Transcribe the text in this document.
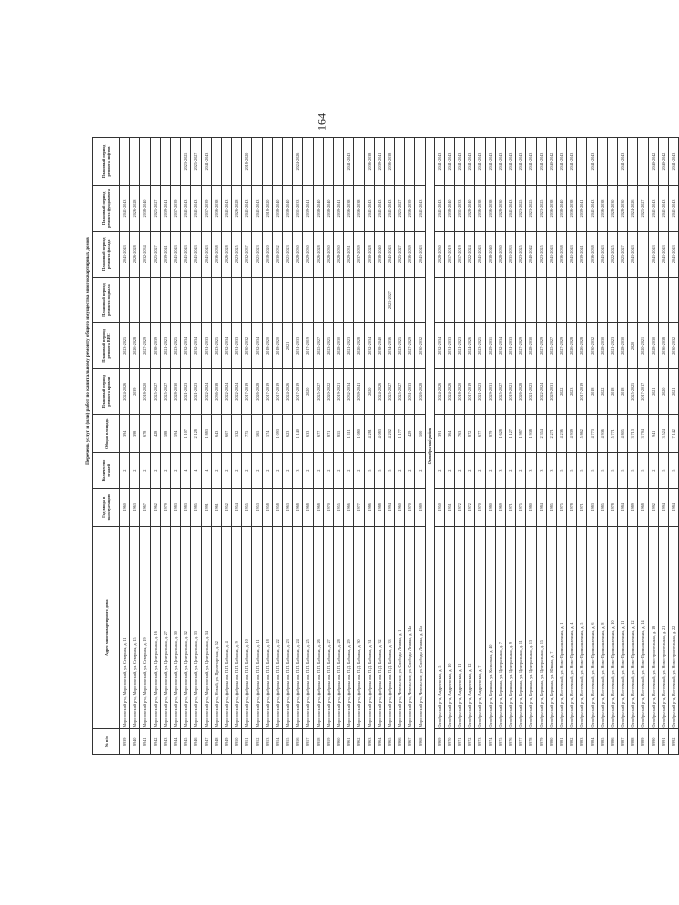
164
Перечень услуг и (или) работ по капитальному ремонту общего имущества многоквартирных домов
№ п/п	Адрес многоквартирного дома	Год ввода в эксплуатацию	Количество этажей	Общая площадь	Плановый период ремонта кровли	Плановый период ремонта ВИС	Плановый период ремонта подвала	Плановый период ремонта фасада	Плановый период ремонта фундамента	Плановый период ремонта лифтов
8939	Морозовский р-н, Морозовский, ул. Северная, д. 11	1960	2	394	2024-2026	2023-2025		2041-2043	2041-2043	
8940	Морозовский р-н, Морозовский, ул. Северная, д. 15	1963	2	398	2039	2026-2028		2026-2028	2026-2028	
8941	Морозовский р-н, Морозовский, ул. Северная, д. 19	1967	2	678	2018-2020	2027-2029		2032-2034	2038-2040	
8942	Морозовский р-н, Морозовский, ул. Центральная, д. 16	1962	2	428	2025-2027	2038-2039		2025-2027	2025-2027	
8943	Морозовский р-н, Морозовский, ул. Центральная, д. 27	1979	2	588	2025-2027	2021-2023		2039-2041	2039-2041	
8944	Морозовский р-н, Морозовский, ул. Центральная, д. 30	1983	2	594	2028-2030	2023-2025		2041-2043	2037-2039	
8945	Морозовский р-н, Морозовский, ул. Центральная, д. 32	1983	4	1 107	2021-2023	2032-2034		2041-2043	2041-2043	2023-2025
8946	Морозовский р-н, Морозовский, ул. Центральная, д. 33	1985	4	2 128	2021-2023	2032-2034		2041-2043	2041-2043	2025-2027
8947	Морозовский р-н, Морозовский, ул. Центральная, д. 34	1991	4	1 883	2022-2024	2031-2033		2041-2043	2037-2039	2041-2043
8948	Морозовский р-н, Новый, ул. Пролетарская, д. 52	1961	2	643	2036-2038	2023-2025		2036-2038	2036-2038	
8949	Морозовский р-н, фабрика им. П.П. Бабкина, д. 4	1952	2	607	2022-2024	2032-2034		2026-2028	2041-2043	
8950	Морозовский р-н, фабрика им. П.П. Бабкина, д. 9	1954	2	532	2022-2024	2031-2033		2023-2025	2026-2028	
8951	Морозовский р-н, фабрика им. П.П. Бабкина, д. 10	1955	2	775	2017-2019	2030-2032		2032-2037	2041-2043	2018-2020
8952	Морозовский р-н, фабрика им. П.П. Бабкина, д. 11	1953	2	565	2026-2028	2032-2034		2021-2023	2041-2043	
8953	Морозовский р-н, фабрика им. П.П. Бабкина, д. 18	1958	2	574	2017-2019	2018-2020		2018-2020	2018-2020	
8954	Морозовский р-н, фабрика им. П.П. Бабкина, д. 22	1958	2	1 093	2017-2019	2018-2020		2030-2032	2038-2040	
8955	Морозовский р-н, фабрика им. П.П. Бабкина, д. 23	1963	2	623	2024-2026	2021		2021-2023	2038-2040	
8956	Морозовский р-н, фабрика им. П.П. Бабкина, д. 24	1968	3	1 140	2017-2019	2031-2033		2028-2030	2031-2033	2024-2026
8957	Морозовский р-н, фабрика им. П.П. Бабкина, д. 25	1968	2	633	2020	2017-2019		2029-2030	2039-2041	
8958	Морозовский р-н, фабрика им. П.П. Бабкина, д. 26	1968	2	677	2025-2027	2025-2027		2026-2028	2038-2040	
8959	Морозовский р-н, фабрика им. П.П. Бабкина, д. 27	1970	2	871	2020-2022	2023-2025		2028-2030	2038-2040	
8960	Морозовский р-н, фабрика им. П.П. Бабкина, д. 28	1955	2	855	2019-2021	2028-2030		2028-2030	2039-2041	
8961	Морозовский р-н, фабрика им. П.Д. Бабкина, д. 29	1966	2	1 111	2032-2034	2021-2023		2029-2031	2036-2038	2041-2043
8962	Морозовский р-н, фабрика им. П.Д. Бабкина, д. 30	1977	2	1 080	2039-2041	2026-2028		2037-2039	2036-2038	
8963	Морозовский р-н, фабрика им. П.Д. Бабкина, д. 31	1986	5	4 281	2020	2032-2034		2030-2028	2041-2043	2036-2038
8964	Морозовский р-н, фабрика им. П.Д. Бабкина, д. 32	1988	5	4 083	2024-2026	2038-2040		2038-2040	2041-2043	2039-2041
8965	Морозовский р-н, фабрика им. П.Д. Бабкина, д. 33	1994	5	4 202	2025-2027	2034-2036	2025-2027	2041-2043	2041-2043	2036-2038
8966	Морозовский р-н, Чепельское, ул. Свободы Ленина, д. 1	1960	2	1 177	2025-2027	2023-2025		2025-2027	2025-2027	
8967	Морозовский р-н, Чепельское, ул. Свободы Ленина, д. 34а	1970	2	429	2031-2033	2027-2029		2036-2039	2036-2039	
8968	Морозовский р-н, Чепельское, ул. Свободы Ленина, д. 45а	1989	2	500	2026-2028	2030-2032		2041-2043	2041-2043	
Октябрьский район										
8969	Октябрьский р-н, Андреевская, д. 5	1950	2	391	2024-2026	2032-2034		2028-2030	2041-2043	2041-2043
8970	Октябрьский р-н, Андреевская, д. 10	1951	2	364	2024-2026	2031-2033		2017-2019	2038-2040	2041-2043
8971	Октябрьский р-н, Андреевская, д. 11	1972	2	763	2018-2020	2021-2023		2017-2019	2031-2033	2041-2043
8972	Октябрьский р-н, Андреевская, д. 12	1972	2	872	2017-2019	2024-2026		2022-2024	2028-2040	2041-2043
8973	Октябрьский р-н, Андреевская, д. 7	1970	2	677	2021-2023	2023-2025		2041-2043	2036-2038	2041-2043
8974	Октябрьский р-н, Бершная, ул. Колхозная, д. 40	1980	2	879	2029-2031	2029-2031		2038-2040	2036-2038	2041-2043
8975	Октябрьский р-н, Бершная, ул. Центральная, д. 7	1969	3	1 628	2025-2027	2032-2034		2028-2030	2028-2030	2041-2043
8976	Октябрьский р-н, Бершная, ул. Центральная, д. 9	1971	2	1 127	2019-2021	2031-2033		2031-2033	2041-2043	2041-2043
8977	Октябрьский р-н, Бершная, ул. Центральная, д. 11	1975	2	1 987	2026-2028	2027-2029		2023-2025	2023-2025	2041-2043
8978	Октябрьский р-н, Бершная, ул. Центральная, д. 13	1980	3	1 938	2021-2023	2028-2030		2040-2042	2023-2025	2041-2043
8979	Октябрьский р-н, Бершная, ул. Центральная, д. 15	1984	3	2 354	2022-2024	2027-2029		2023-2025	2023-2025	2041-2043
8980	Октябрьский р-н, Бершная, ул. Южная, д. 7	1985	3	2 271	2029-2031	2025-2027		2041-2043	2036-2038	2040-2042
8981	Октябрьский р-н, Восточный, ул. Ново-Промышленная, д. 1	1975	5	4 236	2022	2027-2029		2036-2038	2038-2040	2041-2043
8982	Октябрьский р-н, Восточный, ул. Ново-Промышленная, д. 4	1978	5	4 939	2023	2026-2028		2041-2043	2036-2038	2041-2043
8983	Октябрьский р-н, Восточный, ул. Ново-Промышленная, д. 5	1971	5	5 862	2017-2019	2026-2028		2039-2041	2039-2041	
8984	Октябрьский р-н, Восточный, ул. Ново-Промышленная, д. 6	1983	5	4 773	2018	2030-2032		2036-2038	2041-2043	2041-2043
8985	Октябрьский р-н, Восточный, ул. Ново-Промышленная, д. 8	1985	5	4 936	2022	2028-2030		2041-2043	2036-2038	
8986	Октябрьский р-н, Восточный, ул. Ново-Промышленная, д. 10	1978	5	5 771	2018	2021-2023		2022-2025	2028-2030	
8987	Октябрьский р-н, Восточный, ул. Ново-Промышленная, д. 11	1984	5	4 805	2018	2028-2030		2025-2027	2028-2030	2041-2043
8988	Октябрьский р-н, Восточный, ул. Ново-Промышленная, д. 12	1989	5	3 713	2025-2025	2020		2041-2043	2024-2026	
8989	Октябрьский р-н, Восточный, ул. Ново-Промышленная, д. 14	1968	5	3 794	2017-2017	2020-2021			2025-2027	
8990	Октябрьский р-н, Восточный, ул. Новостроительная, д. 18	1992	2	941	2021	2028-2030		2041-2043	2041-2043	2040-2042
8991	Октябрьский р-н, Восточный, ул. Новостроительная, д. 21	1994	5	3 524	2020	2036-2038		2041-2043	2041-2043	2040-2042
8992	Октябрьский р-н, Восточный, ул. Новостроительная, д. 22	1984	5	7 142	2021	2030-2032		2041-2043	2041-2043	2041-2043
